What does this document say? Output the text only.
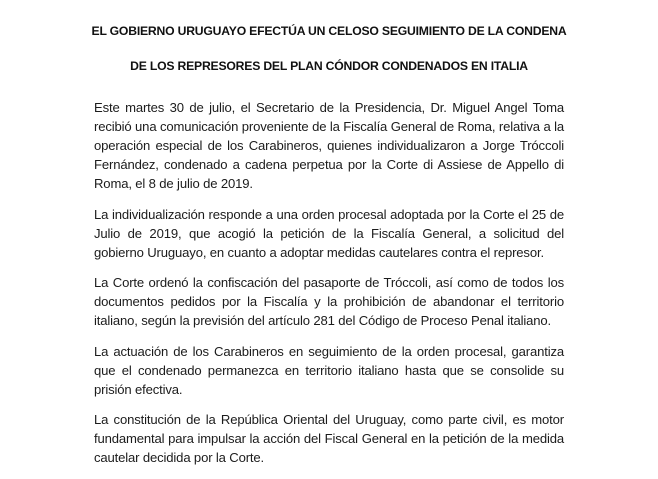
EL GOBIERNO URUGUAYO EFECTÚA UN CELOSO SEGUIMIENTO DE LA CONDENA
DE LOS REPRESORES DEL PLAN CÓNDOR CONDENADOS EN ITALIA

Este martes 30 de julio, el Secretario de la Presidencia, Dr. Miguel Angel Toma recibió una comunicación proveniente de la Fiscalía General de Roma, relativa a la operación especial de los Carabineros, quienes individualizaron a Jorge Tróccoli Fernández, condenado a cadena perpetua por la Corte di Assiese de Appello di Roma, el 8 de julio de 2019.

La individualización responde a una orden procesal adoptada por la Corte el 25 de Julio de 2019, que acogió la petición de la Fiscalía General, a solicitud del gobierno Uruguayo, en cuanto a adoptar medidas cautelares contra el represor.

La Corte ordenó la confiscación del pasaporte de Tróccoli, así como de todos los documentos pedidos por la Fiscalía y la prohibición de abandonar el territorio italiano, según la previsión del artículo 281 del Código de Proceso Penal italiano.

La actuación de los Carabineros en seguimiento de la orden procesal, garantiza que el condenado permanezca en territorio italiano hasta que se consolide su prisión efectiva.

La constitución de la República Oriental del Uruguay, como parte civil, es motor fundamental para impulsar la acción del Fiscal General en la petición de la medida cautelar decidida por la Corte.
